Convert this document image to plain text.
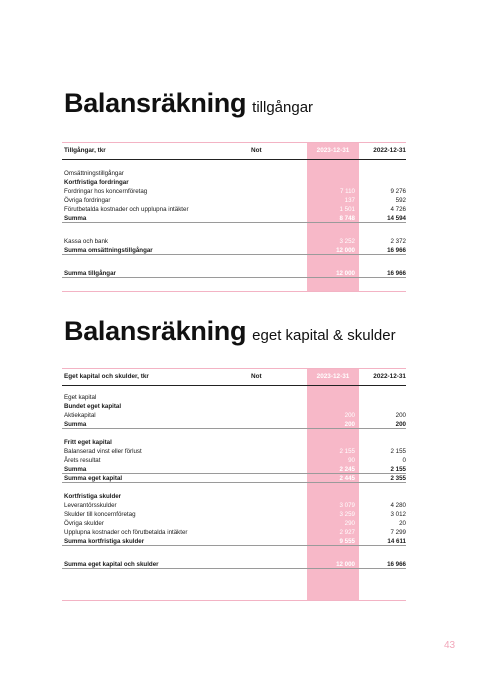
Balansräkning tillgångar
Tillgångar, tkr	Not	2023-12-31	2022-12-31
Omsättningstillgångar
Kortfristiga fordringar
Fordringar hos koncernföretag	7 110	9 276
Övriga fordringar	137	592
Förutbetalda kostnader och upplupna intäkter	1 501	4 726
Summa	8 748	14 594
Kassa och bank	3 252	2 372
Summa omsättningstillgångar	12 000	16 966
Summa tillgångar	12 000	16 966
Balansräkning eget kapital & skulder
Eget kapital och skulder, tkr	Not	2023-12-31	2022-12-31
Eget kapital
Bundet eget kapital
Aktiekapital	200	200
Summa	200	200
Fritt eget kapital
Balanserad vinst eller förlust	2 155	2 155
Årets resultat	90	0
Summa	2 245	2 155
Summa eget kapital	2 445	2 355
Kortfristiga skulder
Leverantörsskulder	3 079	4 280
Skulder till koncernföretag	3 259	3 012
Övriga skulder	290	20
Upplupna kostnader och förutbetalda intäkter	2 927	7 299
Summa kortfristiga skulder	9 555	14 611
Summa eget kapital och skulder	12 000	16 966
43
